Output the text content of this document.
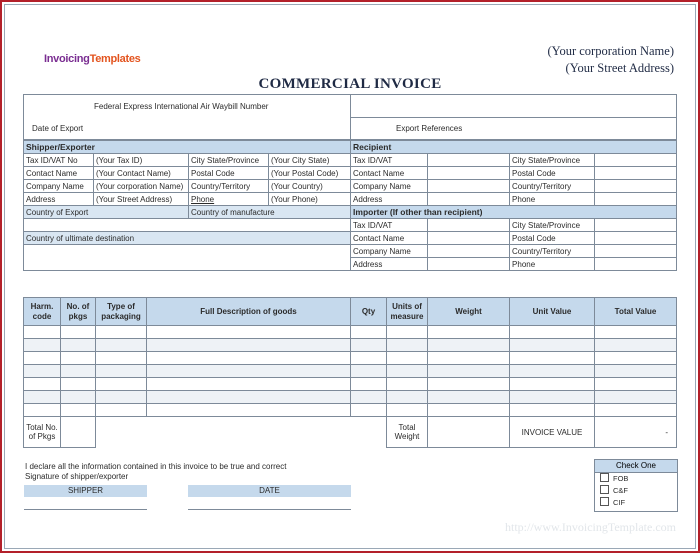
InvoicingTemplates
(Your corporation Name)
(Your Street Address)
COMMERCIAL INVOICE
Federal Express International Air Waybill Number	
Date of Export	Export References
Shipper/Exporter				Recipient			
Tax ID/VAT No	(Your Tax ID)	City State/Province	(Your City State)	Tax ID/VAT		City State/Province	
Contact Name	(Your Contact Name)	Postal Code	(Your Postal Code)	Contact Name		Postal Code	
Company Name	(Your corporation Name)	Country/Territory	(Your Country)	Company Name		Country/Territory	
Address	(Your Street Address)	Phone	(Your Phone)	Address		Phone	
Country of Export		Country of manufacture		Importer (If other than recipient)			
				Tax ID/VAT		City State/Province	
Country of ultimate destination				Contact Name		Postal Code	
				Company Name		Country/Territory	
				Address		Phone	
Harm. code	No. of pkgs	Type of packaging	Full Description of goods	Qty	Units of measure	Weight	Unit Value	Total Value

Total No. of Pkgs					Total Weight		INVOICE VALUE	-
I declare all the information contained in this invoice to be true and correct
Signature of shipper/exporter
SHIPPER	DATE
Check One
FOB
C&F
CIF
http://www.InvoicingTemplate.com
